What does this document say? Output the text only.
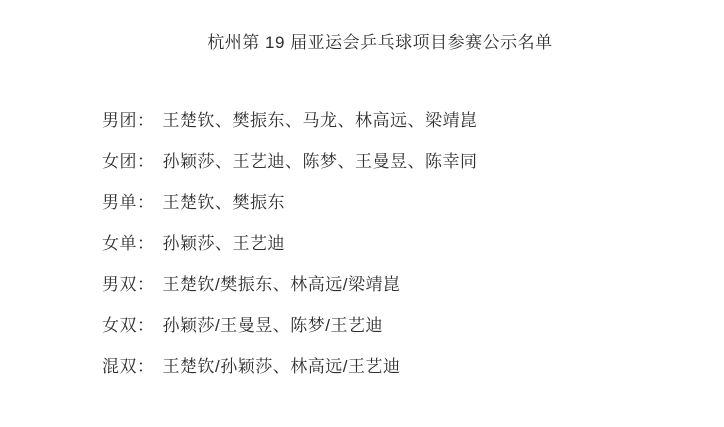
杭州第 19 届亚运会乒乓球项目参赛公示名单
男团： 王楚钦、樊振东、马龙、林高远、梁靖崑
女团： 孙颖莎、王艺迪、陈梦、王曼昱、陈幸同
男单： 王楚钦、樊振东
女单： 孙颖莎、王艺迪
男双： 王楚钦/樊振东、林高远/梁靖崑
女双： 孙颖莎/王曼昱、陈梦/王艺迪
混双： 王楚钦/孙颖莎、林高远/王艺迪
